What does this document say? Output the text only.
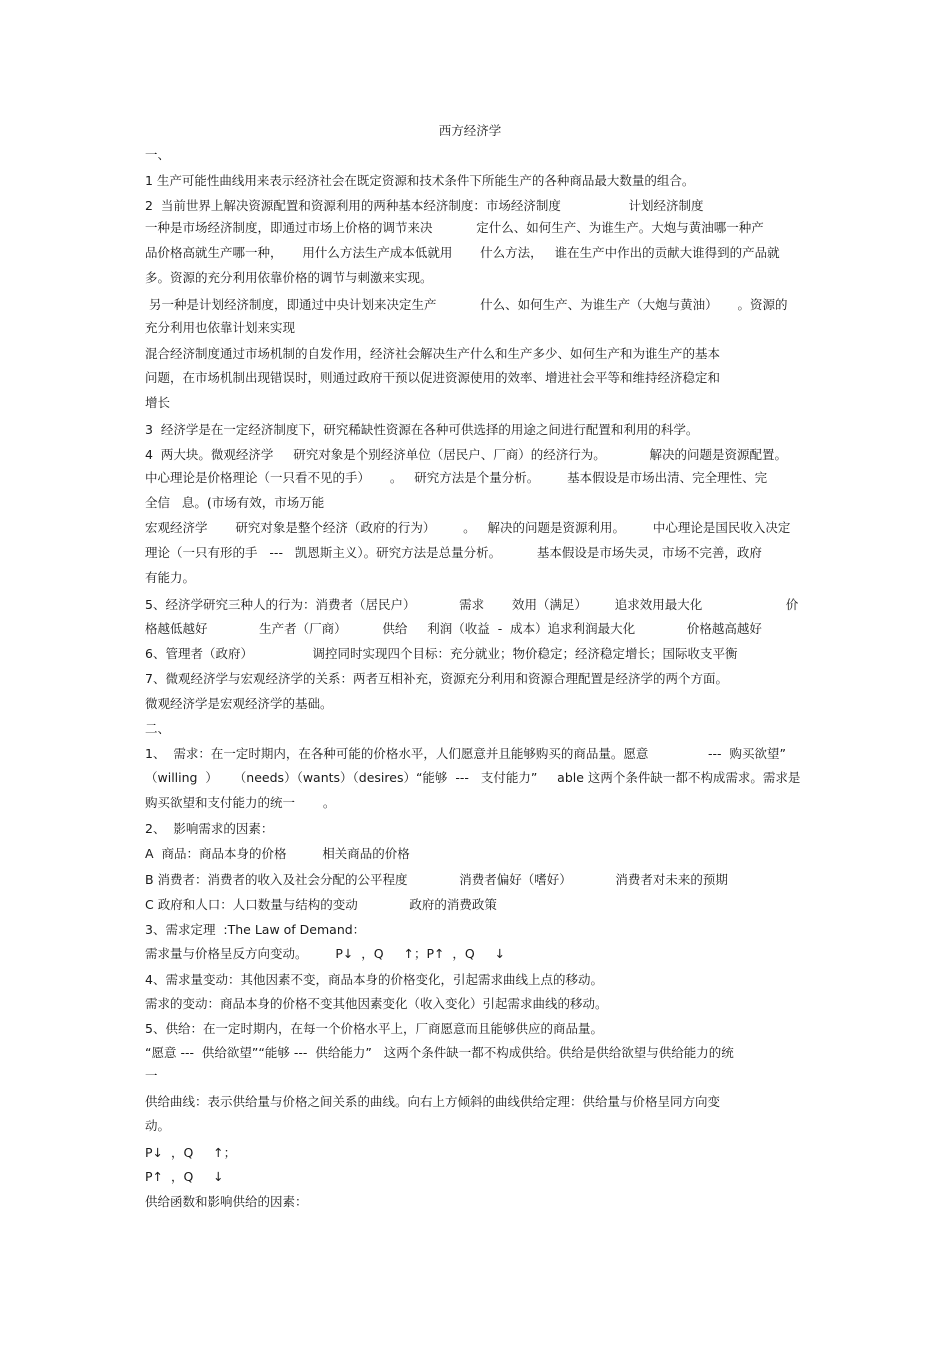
西方经济学
一、
1 生产可能性曲线用来表示经济社会在既定资源和技术条件下所能生产的各种商品最大数量的组合。
2  当前世界上解决资源配置和资源利用的两种基本经济制度：市场经济制度                 计划经济制度
一种是市场经济制度，即通过市场上价格的调节来决           定什么、如何生产、为谁生产。大炮与黄油哪一种产
品价格高就生产哪一种，     用什么方法生产成本低就用       什么方法，   谁在生产中作出的贡献大谁得到的产品就
多。资源的充分利用依靠价格的调节与刺激来实现。
另一种是计划经济制度，即通过中央计划来决定生产           什么、如何生产、为谁生产（大炮与黄油）     。资源的
充分利用也依靠计划来实现
混合经济制度通过市场机制的自发作用，经济社会解决生产什么和生产多少、如何生产和为谁生产的基本
问题，在市场机制出现错误时，则通过政府干预以促进资源使用的效率、增进社会平等和维持经济稳定和
增长
3  经济学是在一定经济制度下，研究稀缺性资源在各种可供选择的用途之间进行配置和利用的科学。
4  两大块。微观经济学     研究对象是个别经济单位（居民户、厂商）的经济行为。           解决的问题是资源配置。
中心理论是价格理论（一只看不见的手）     。   研究方法是个量分析。       基本假设是市场出清、完全理性、完
全信   息。(市场有效，市场万能
宏观经济学       研究对象是整个经济（政府的行为）       。   解决的问题是资源利用。       中心理论是国民收入决定
理论（一只有形的手   ---   凯恩斯主义）。研究方法是总量分析。         基本假设是市场失灵，市场不完善，政府
有能力。
5、经济学研究三种人的行为：消费者（居民户）           需求       效用（满足）       追求效用最大化                     价
格越低越好             生产者（厂商）         供给     利润（收益  -  成本）追求利润最大化             价格越高越好
6、管理者（政府）               调控同时实现四个目标：充分就业；物价稳定；经济稳定增长；国际收支平衡
7、微观经济学与宏观经济学的关系：两者互相补充，资源充分利用和资源合理配置是经济学的两个方面。
微观经济学是宏观经济学的基础。
二、
1、  需求：在一定时期内，在各种可能的价格水平，人们愿意并且能够购买的商品量。愿意               ---  购买欲望”
（willing  ）    （needs）（wants）（desires）“能够  ---   支付能力”     able 这两个条件缺一都不构成需求。需求是
购买欲望和支付能力的统一       。
2、  影响需求的因素：
A  商品：商品本身的价格         相关商品的价格
B 消费者：消费者的收入及社会分配的公平程度             消费者偏好（嗜好）           消费者对未来的预期
C 政府和人口：人口数量与结构的变动             政府的消费政策
3、需求定理  :The Law of Demand：
需求量与价格呈反方向变动。       P↓  ，Q     ↑；P↑  ，Q     ↓
4、需求量变动：其他因素不变，商品本身的价格变化，引起需求曲线上点的移动。
需求的变动：商品本身的价格不变其他因素变化（收入变化）引起需求曲线的移动。
5、供给：在一定时期内，在每一个价格水平上，厂商愿意而且能够供应的商品量。
“愿意 ---  供给欲望”“能够 ---  供给能力”   这两个条件缺一都不构成供给。供给是供给欲望与供给能力的统
一
供给曲线：表示供给量与价格之间关系的曲线。向右上方倾斜的曲线供给定理：供给量与价格呈同方向变
动。
P↓  ，Q     ↑；
P↑  ，Q     ↓
供给函数和影响供给的因素：
